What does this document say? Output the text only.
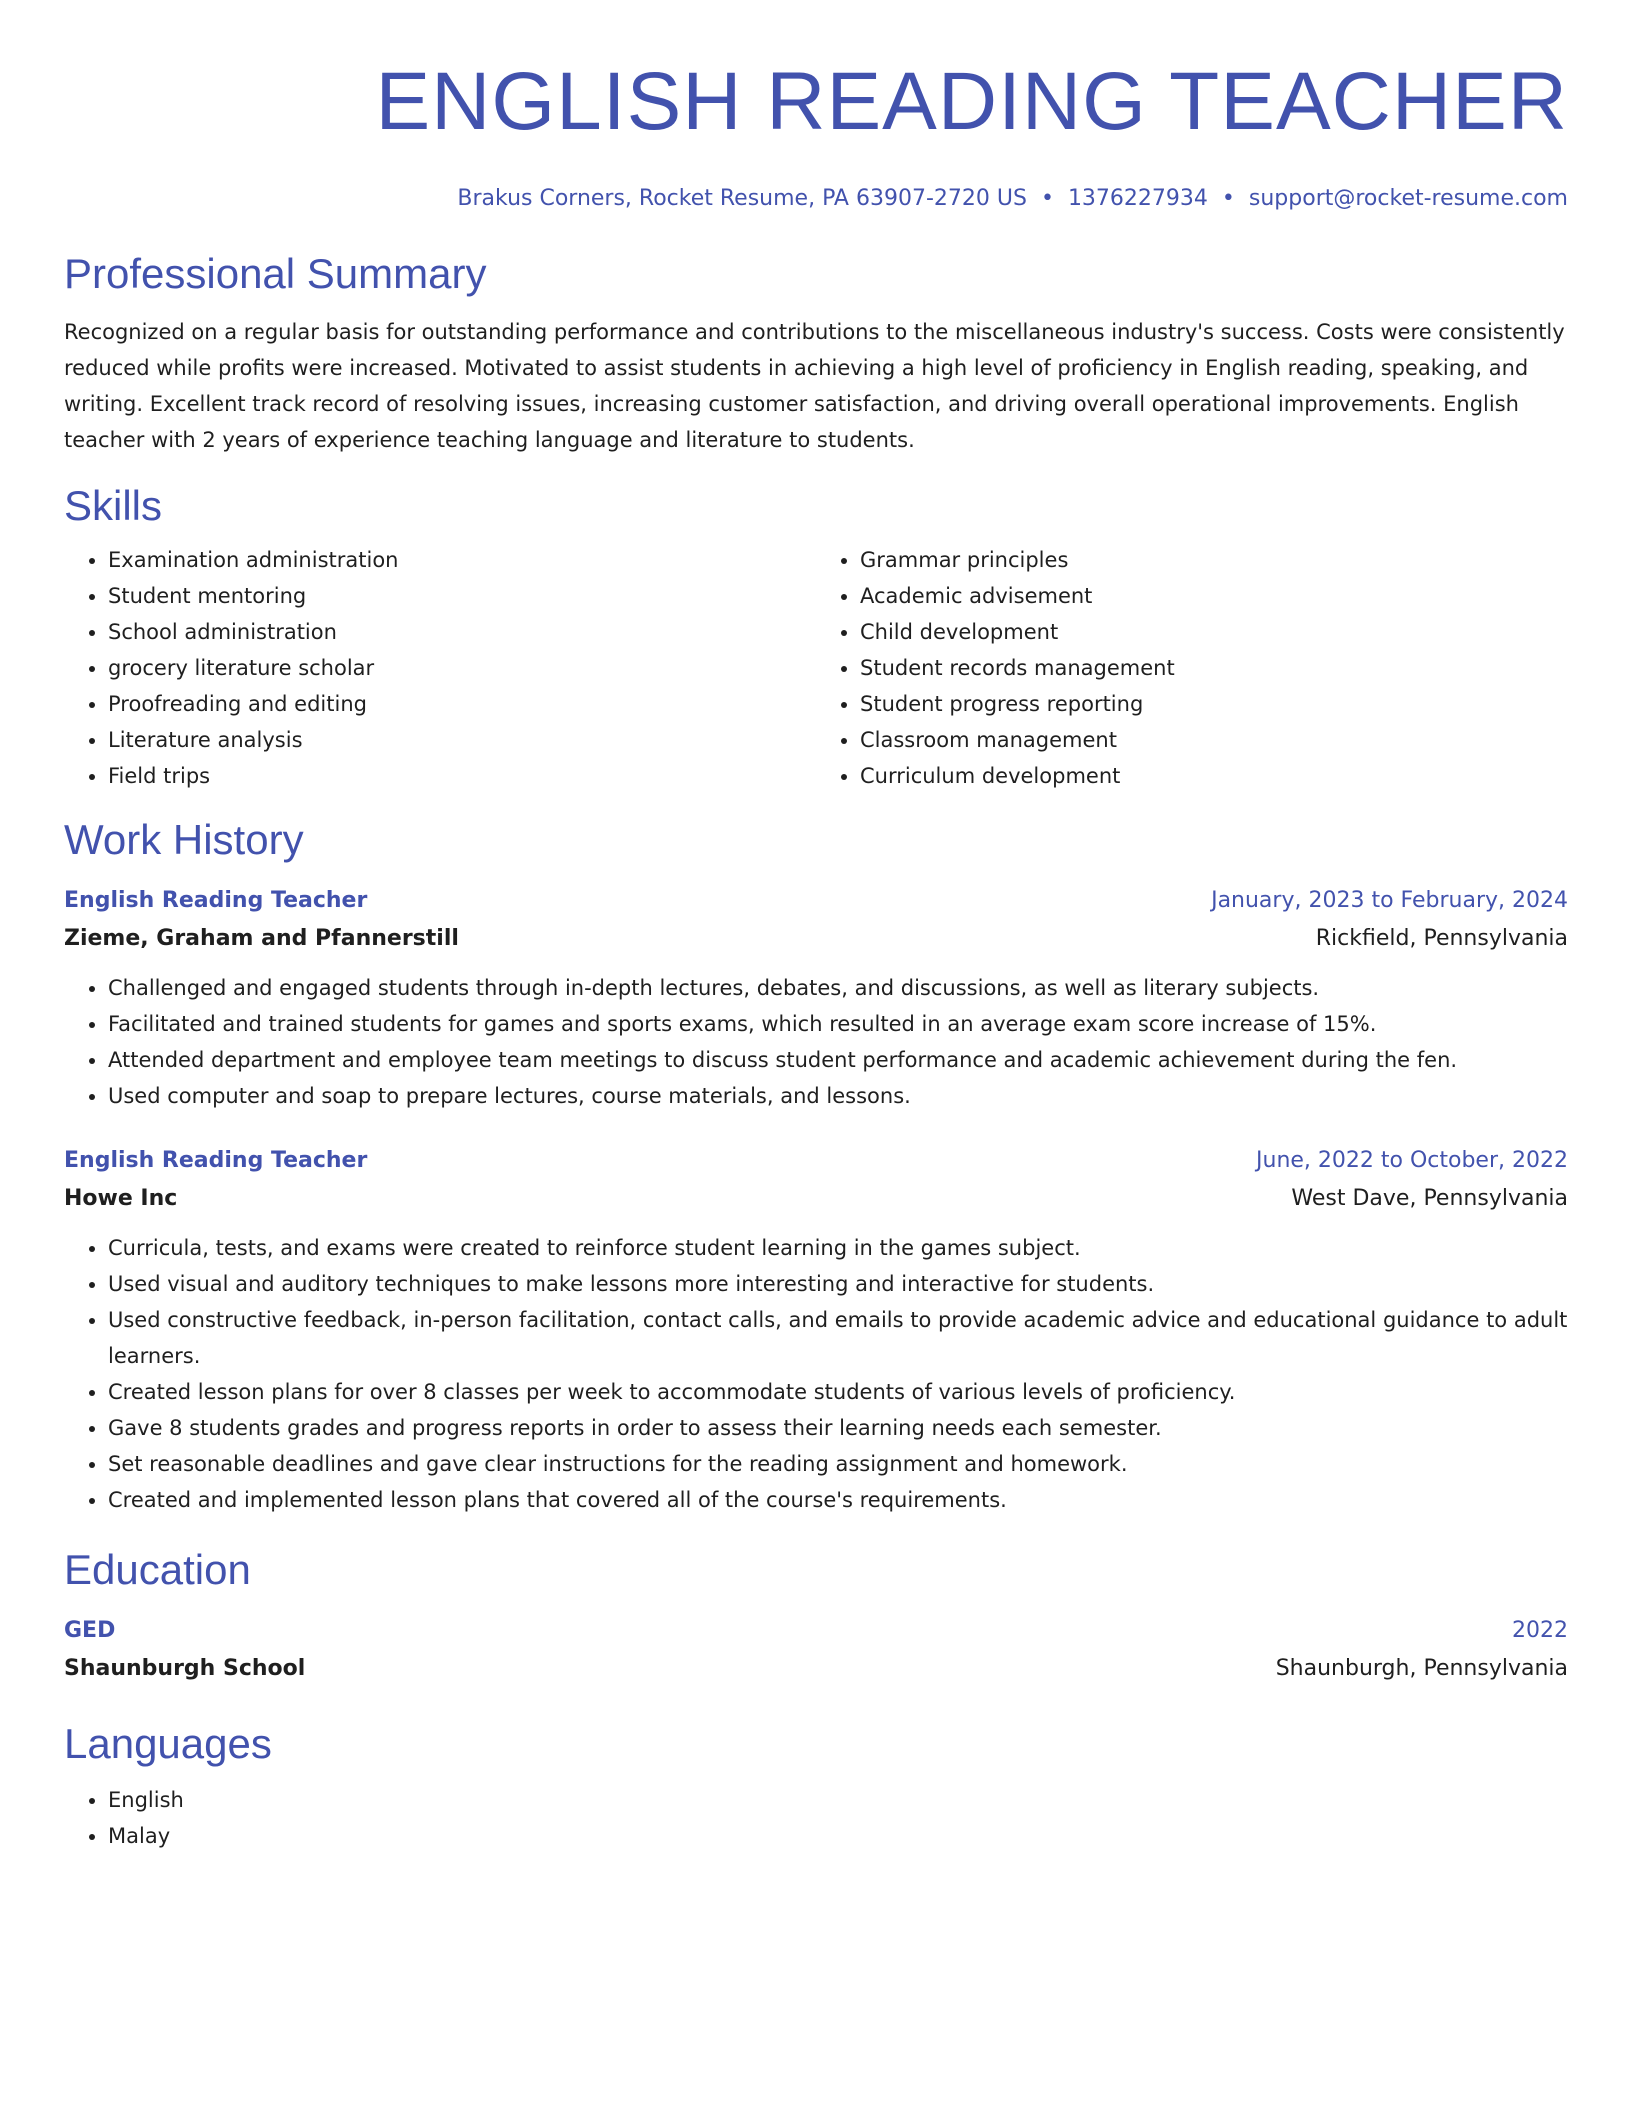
ENGLISH READING TEACHER
Brakus Corners, Rocket Resume, PA 63907-2720 US • 1376227934 • support@rocket-resume.com
Professional Summary

Recognized on a regular basis for outstanding performance and contributions to the miscellaneous industry's success. Costs were consistently reduced while profits were increased. Motivated to assist students in achieving a high level of proficiency in English reading, speaking, and writing. Excellent track record of resolving issues, increasing customer satisfaction, and driving overall operational improvements. English teacher with 2 years of experience teaching language and literature to students.

Skills
• Examination administration
• Student mentoring
• School administration
• grocery literature scholar
• Proofreading and editing
• Literature analysis
• Field trips
• Grammar principles
• Academic advisement
• Child development
• Student records management
• Student progress reporting
• Classroom management
• Curriculum development
Work History
English Reading Teacher	January, 2023 to February, 2024
Zieme, Graham and Pfannerstill	Rickfield, Pennsylvania
• Challenged and engaged students through in-depth lectures, debates, and discussions, as well as literary subjects.
• Facilitated and trained students for games and sports exams, which resulted in an average exam score increase of 15%.
• Attended department and employee team meetings to discuss student performance and academic achievement during the fen.
• Used computer and soap to prepare lectures, course materials, and lessons.
English Reading Teacher	June, 2022 to October, 2022
Howe Inc	West Dave, Pennsylvania
• Curricula, tests, and exams were created to reinforce student learning in the games subject.
• Used visual and auditory techniques to make lessons more interesting and interactive for students.
• Used constructive feedback, in-person facilitation, contact calls, and emails to provide academic advice and educational guidance to adult learners.
• Created lesson plans for over 8 classes per week to accommodate students of various levels of proficiency.
• Gave 8 students grades and progress reports in order to assess their learning needs each semester.
• Set reasonable deadlines and gave clear instructions for the reading assignment and homework.
• Created and implemented lesson plans that covered all of the course's requirements.
Education
GED	2022
Shaunburgh School	Shaunburgh, Pennsylvania
Languages
• English
• Malay
